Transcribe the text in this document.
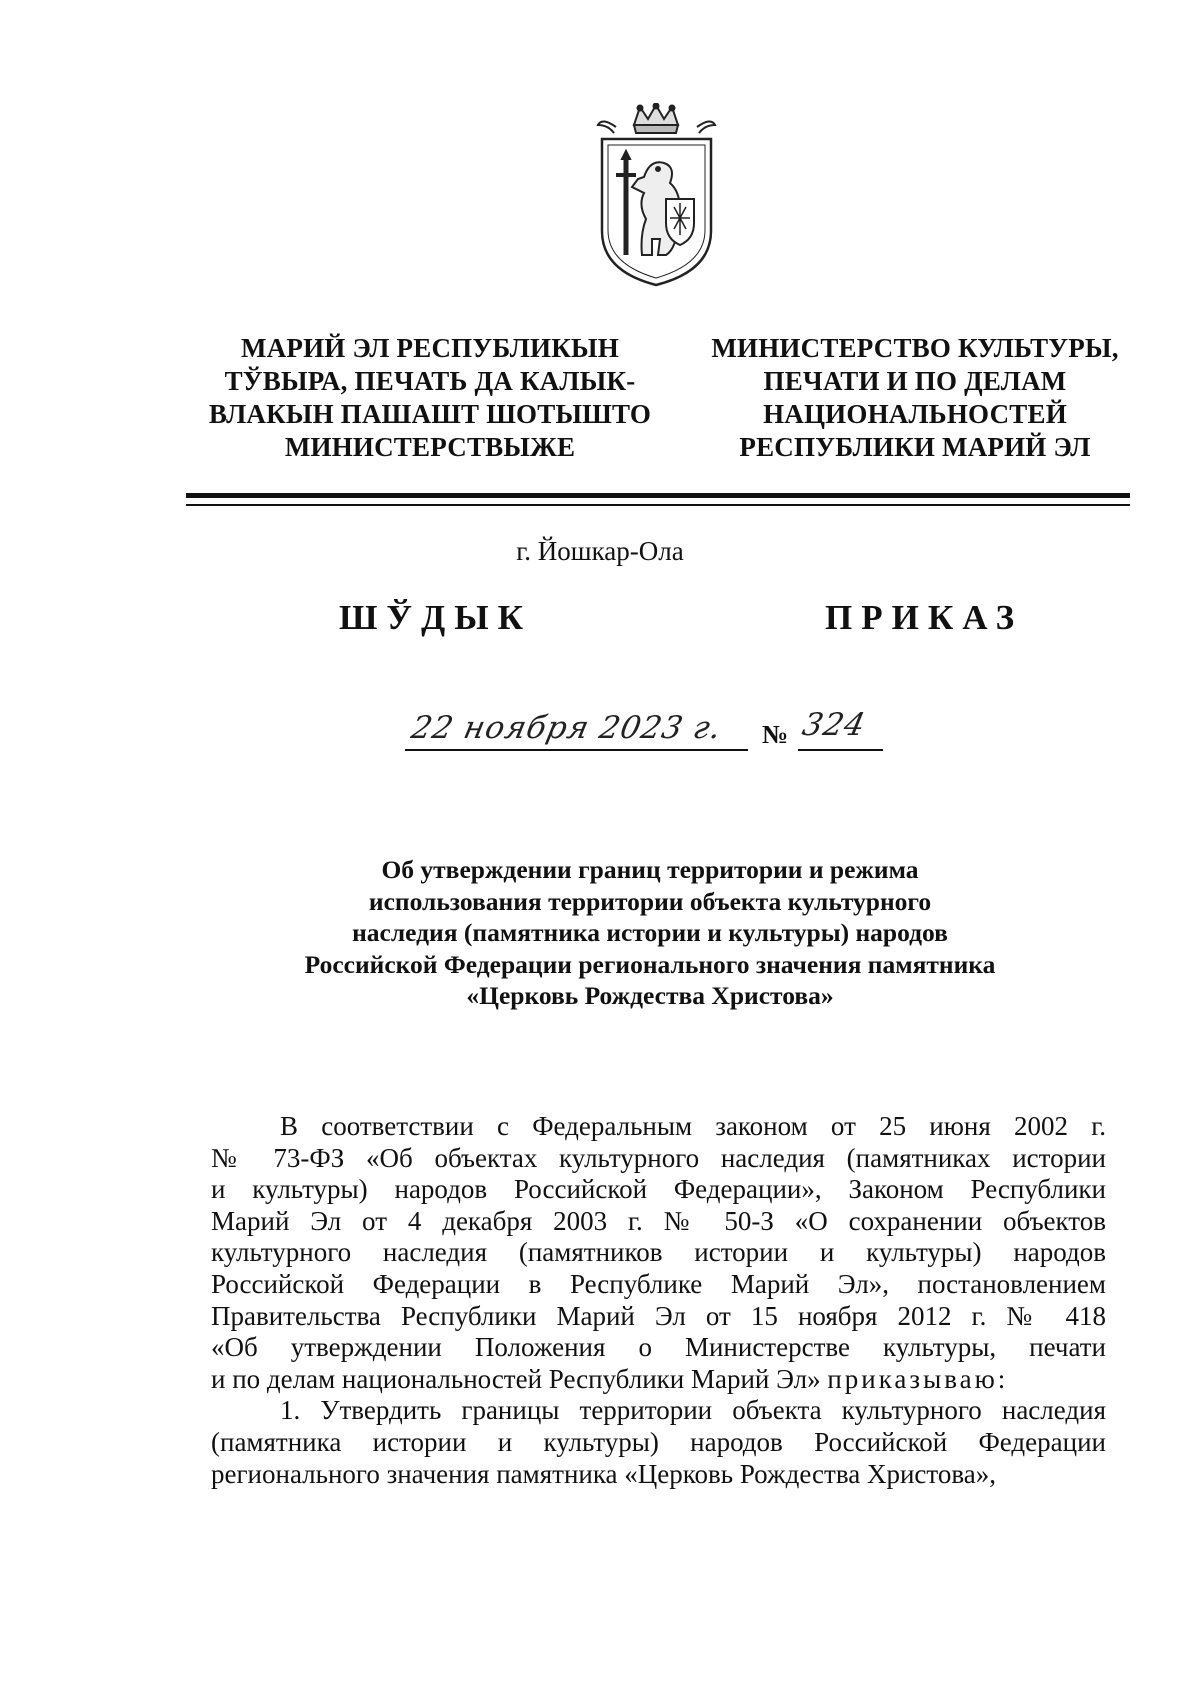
МАРИЙ ЭЛ РЕСПУБЛИКЫН
ТЎВЫРА, ПЕЧАТЬ ДА КАЛЫК-
ВЛАКЫН ПАШАШТ ШОТЫШТО
МИНИСТЕРСТВЫЖЕ
МИНИСТЕРСТВО КУЛЬТУРЫ,
ПЕЧАТИ И ПО ДЕЛАМ
НАЦИОНАЛЬНОСТЕЙ
РЕСПУБЛИКИ МАРИЙ ЭЛ
г. Йошкар-Ола
ШЎДЫК	ПРИКАЗ
22 ноября 2023 г. № 324
Об утверждении границ территории и режима
использования территории объекта культурного
наследия (памятника истории и культуры) народов
Российской Федерации регионального значения памятника
«Церковь Рождества Христова»

В соответствии с Федеральным законом от 25 июня 2002 г.

№ 73-ФЗ «Об объектах культурного наследия (памятниках истории

и культуры) народов Российской Федерации», Законом Республики

Марий Эл от 4 декабря 2003 г. № 50-З «О сохранении объектов

культурного наследия (памятников истории и культуры) народов

Российской Федерации в Республике Марий Эл», постановлением

Правительства Республики Марий Эл от 15 ноября 2012 г. № 418

«Об утверждении Положения о Министерстве культуры, печати

и по делам национальностей Республики Марий Эл» приказываю:

1. Утвердить границы территории объекта культурного наследия

(памятника истории и культуры) народов Российской Федерации

регионального значения памятника «Церковь Рождества Христова»,
